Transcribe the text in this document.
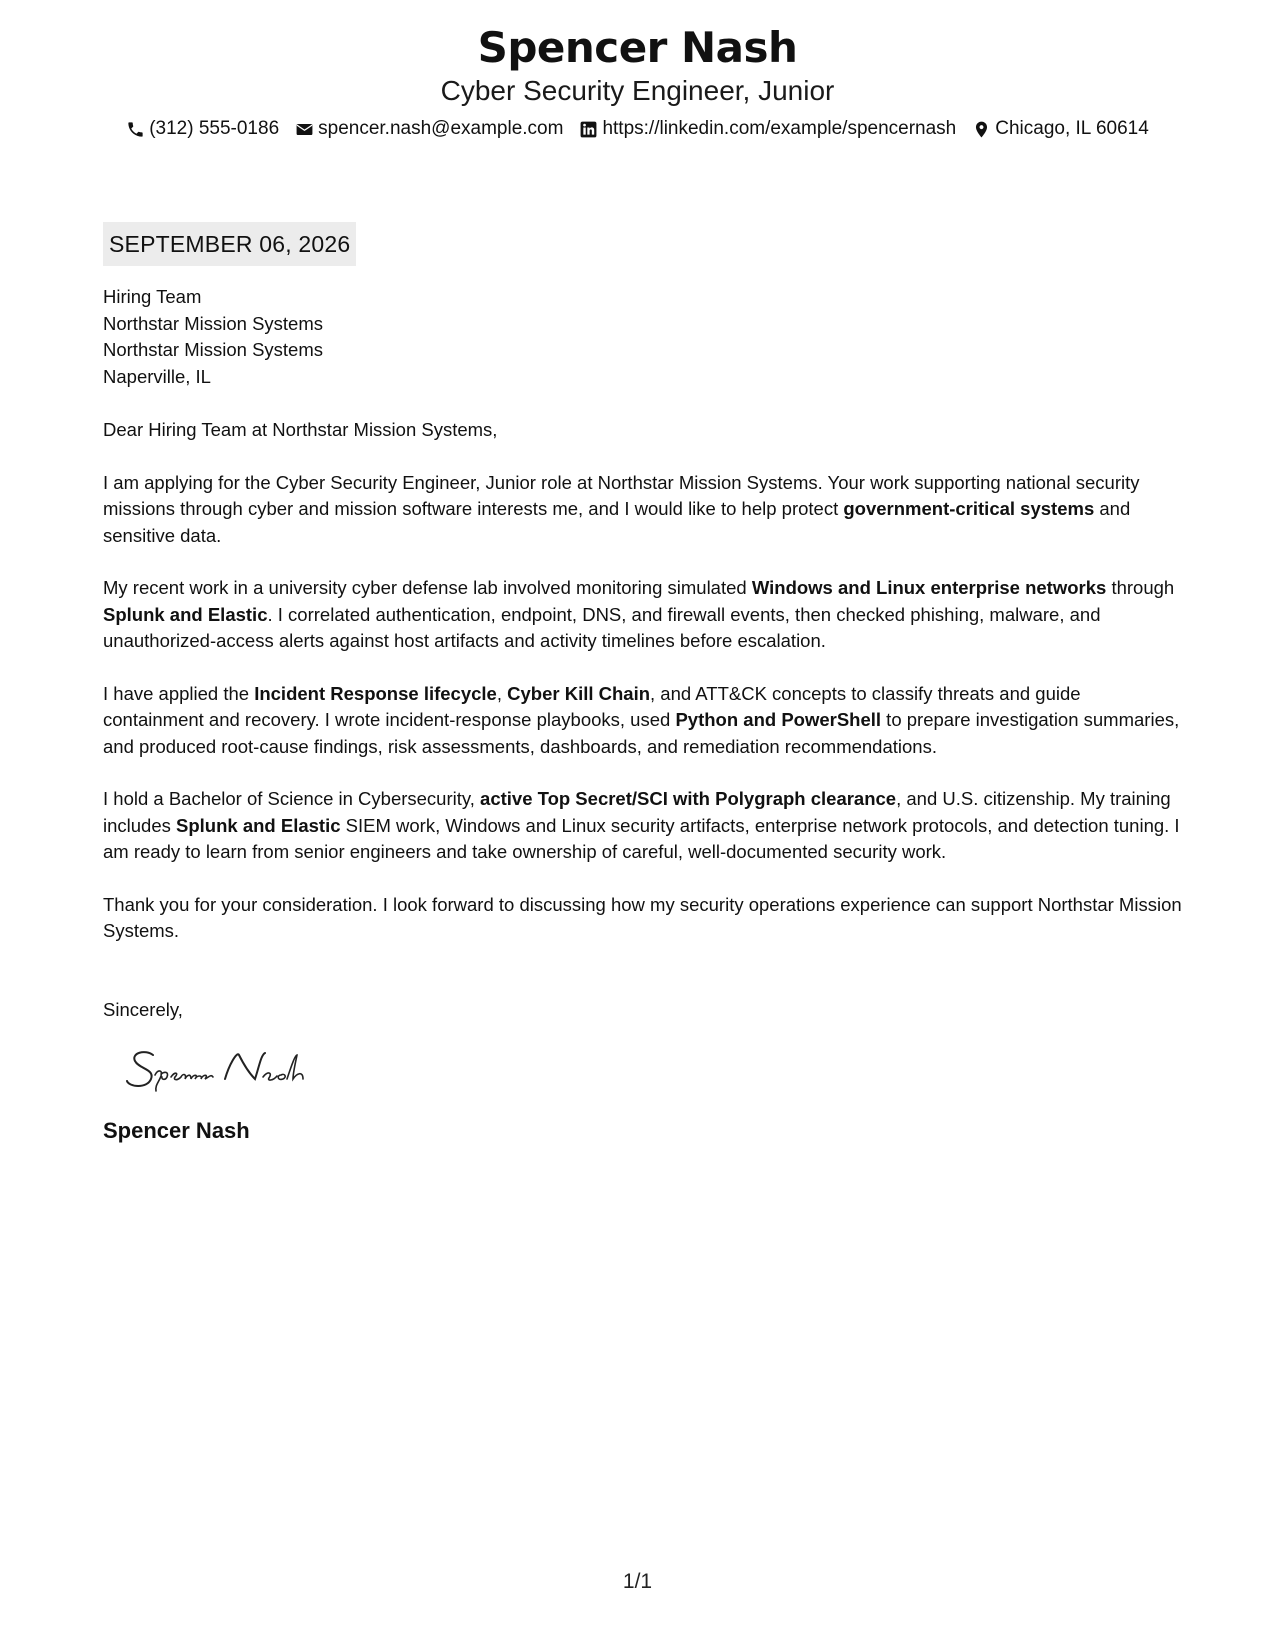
Spencer Nash
Cyber Security Engineer, Junior
(312) 555-0186 spencer.nash@example.com https://linkedin.com/example/spencernash Chicago, IL 60614
SEPTEMBER 06, 2026
Hiring Team
Northstar Mission Systems
Northstar Mission Systems
Naperville, IL
Dear Hiring Team at Northstar Mission Systems,

I am applying for the Cyber Security Engineer, Junior role at Northstar Mission Systems. Your work supporting national security missions through cyber and mission software interests me, and I would like to help protect government-critical systems and sensitive data.

My recent work in a university cyber defense lab involved monitoring simulated Windows and Linux enterprise networks through Splunk and Elastic. I correlated authentication, endpoint, DNS, and firewall events, then checked phishing, malware, and unauthorized-access alerts against host artifacts and activity timelines before escalation.

I have applied the Incident Response lifecycle, Cyber Kill Chain, and ATT&CK concepts to classify threats and guide containment and recovery. I wrote incident-response playbooks, used Python and PowerShell to prepare investigation summaries, and produced root-cause findings, risk assessments, dashboards, and remediation recommendations.

I hold a Bachelor of Science in Cybersecurity, active Top Secret/SCI with Polygraph clearance, and U.S. citizenship. My training includes Splunk and Elastic SIEM work, Windows and Linux security artifacts, enterprise network protocols, and detection tuning. I am ready to learn from senior engineers and take ownership of careful, well-documented security work.

Thank you for your consideration. I look forward to discussing how my security operations experience can support Northstar Mission Systems.

Sincerely,
Spencer Nash
1/1
